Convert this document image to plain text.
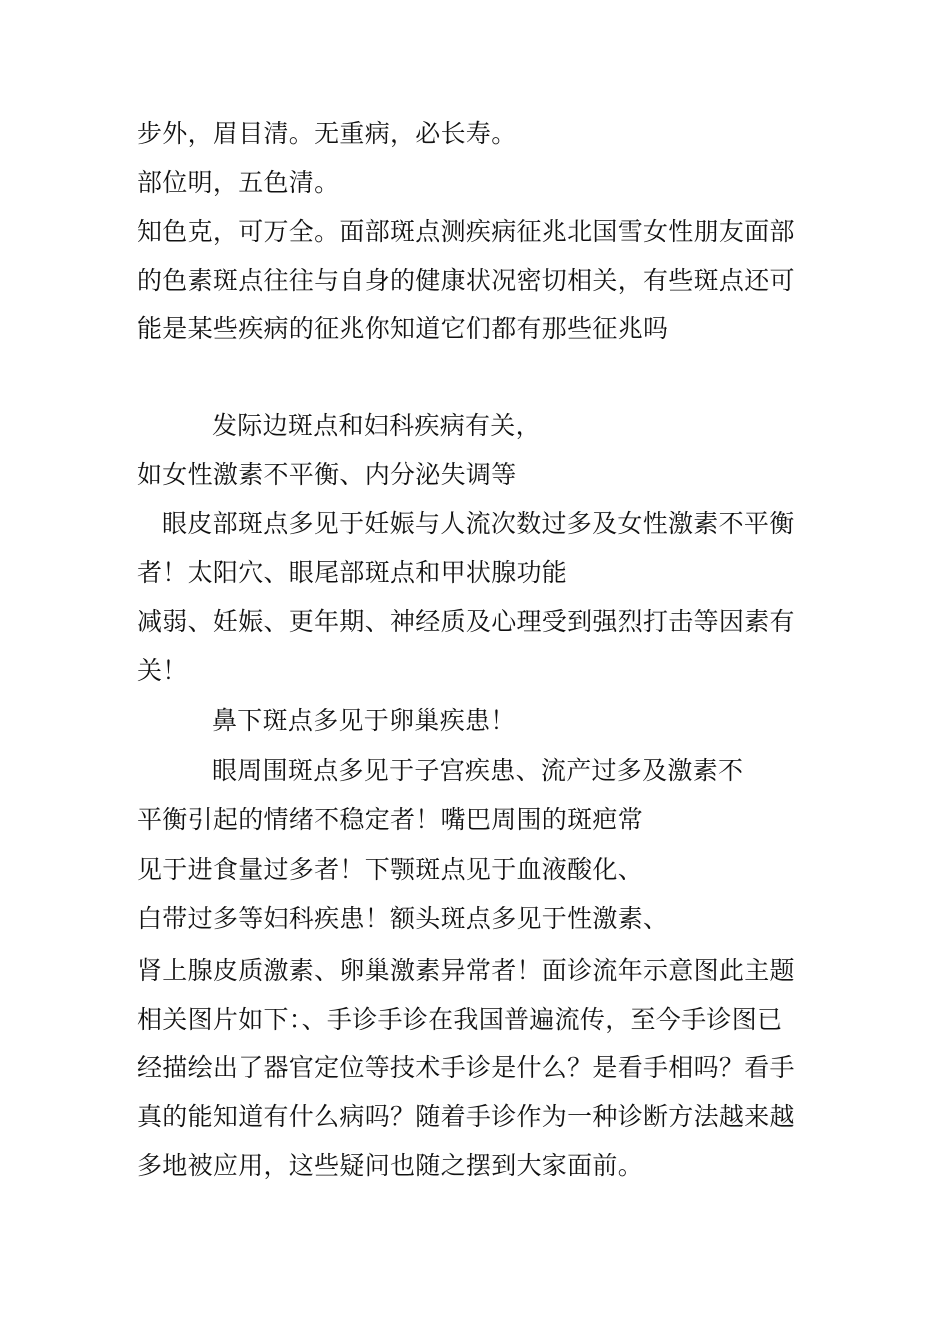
步外，眉目清。无重病，必长寿。
部位明，五色清。
知色克，可万全。面部斑点测疾病征兆北国雪女性朋友面部
的色素斑点往往与自身的健康状况密切相关，有些斑点还可
能是某些疾病的征兆你知道它们都有那些征兆吗
发际边斑点和妇科疾病有关，
如女性激素不平衡、内分泌失调等
眼皮部斑点多见于妊娠与人流次数过多及女性激素不平衡
者！太阳穴、眼尾部斑点和甲状腺功能
减弱、妊娠、更年期、神经质及心理受到强烈打击等因素有
关！
鼻下斑点多见于卵巢疾患！
眼周围斑点多见于子宫疾患、流产过多及激素不
平衡引起的情绪不稳定者！嘴巴周围的斑疤常
见于进食量过多者！下颚斑点见于血液酸化、
白带过多等妇科疾患！额头斑点多见于性激素、
肾上腺皮质激素、卵巢激素异常者！面诊流年示意图此主题
相关图片如下：、手诊手诊在我国普遍流传，至今手诊图已
经描绘出了器官定位等技术手诊是什么？是看手相吗？看手
真的能知道有什么病吗？随着手诊作为一种诊断方法越来越
多地被应用，这些疑问也随之摆到大家面前。
